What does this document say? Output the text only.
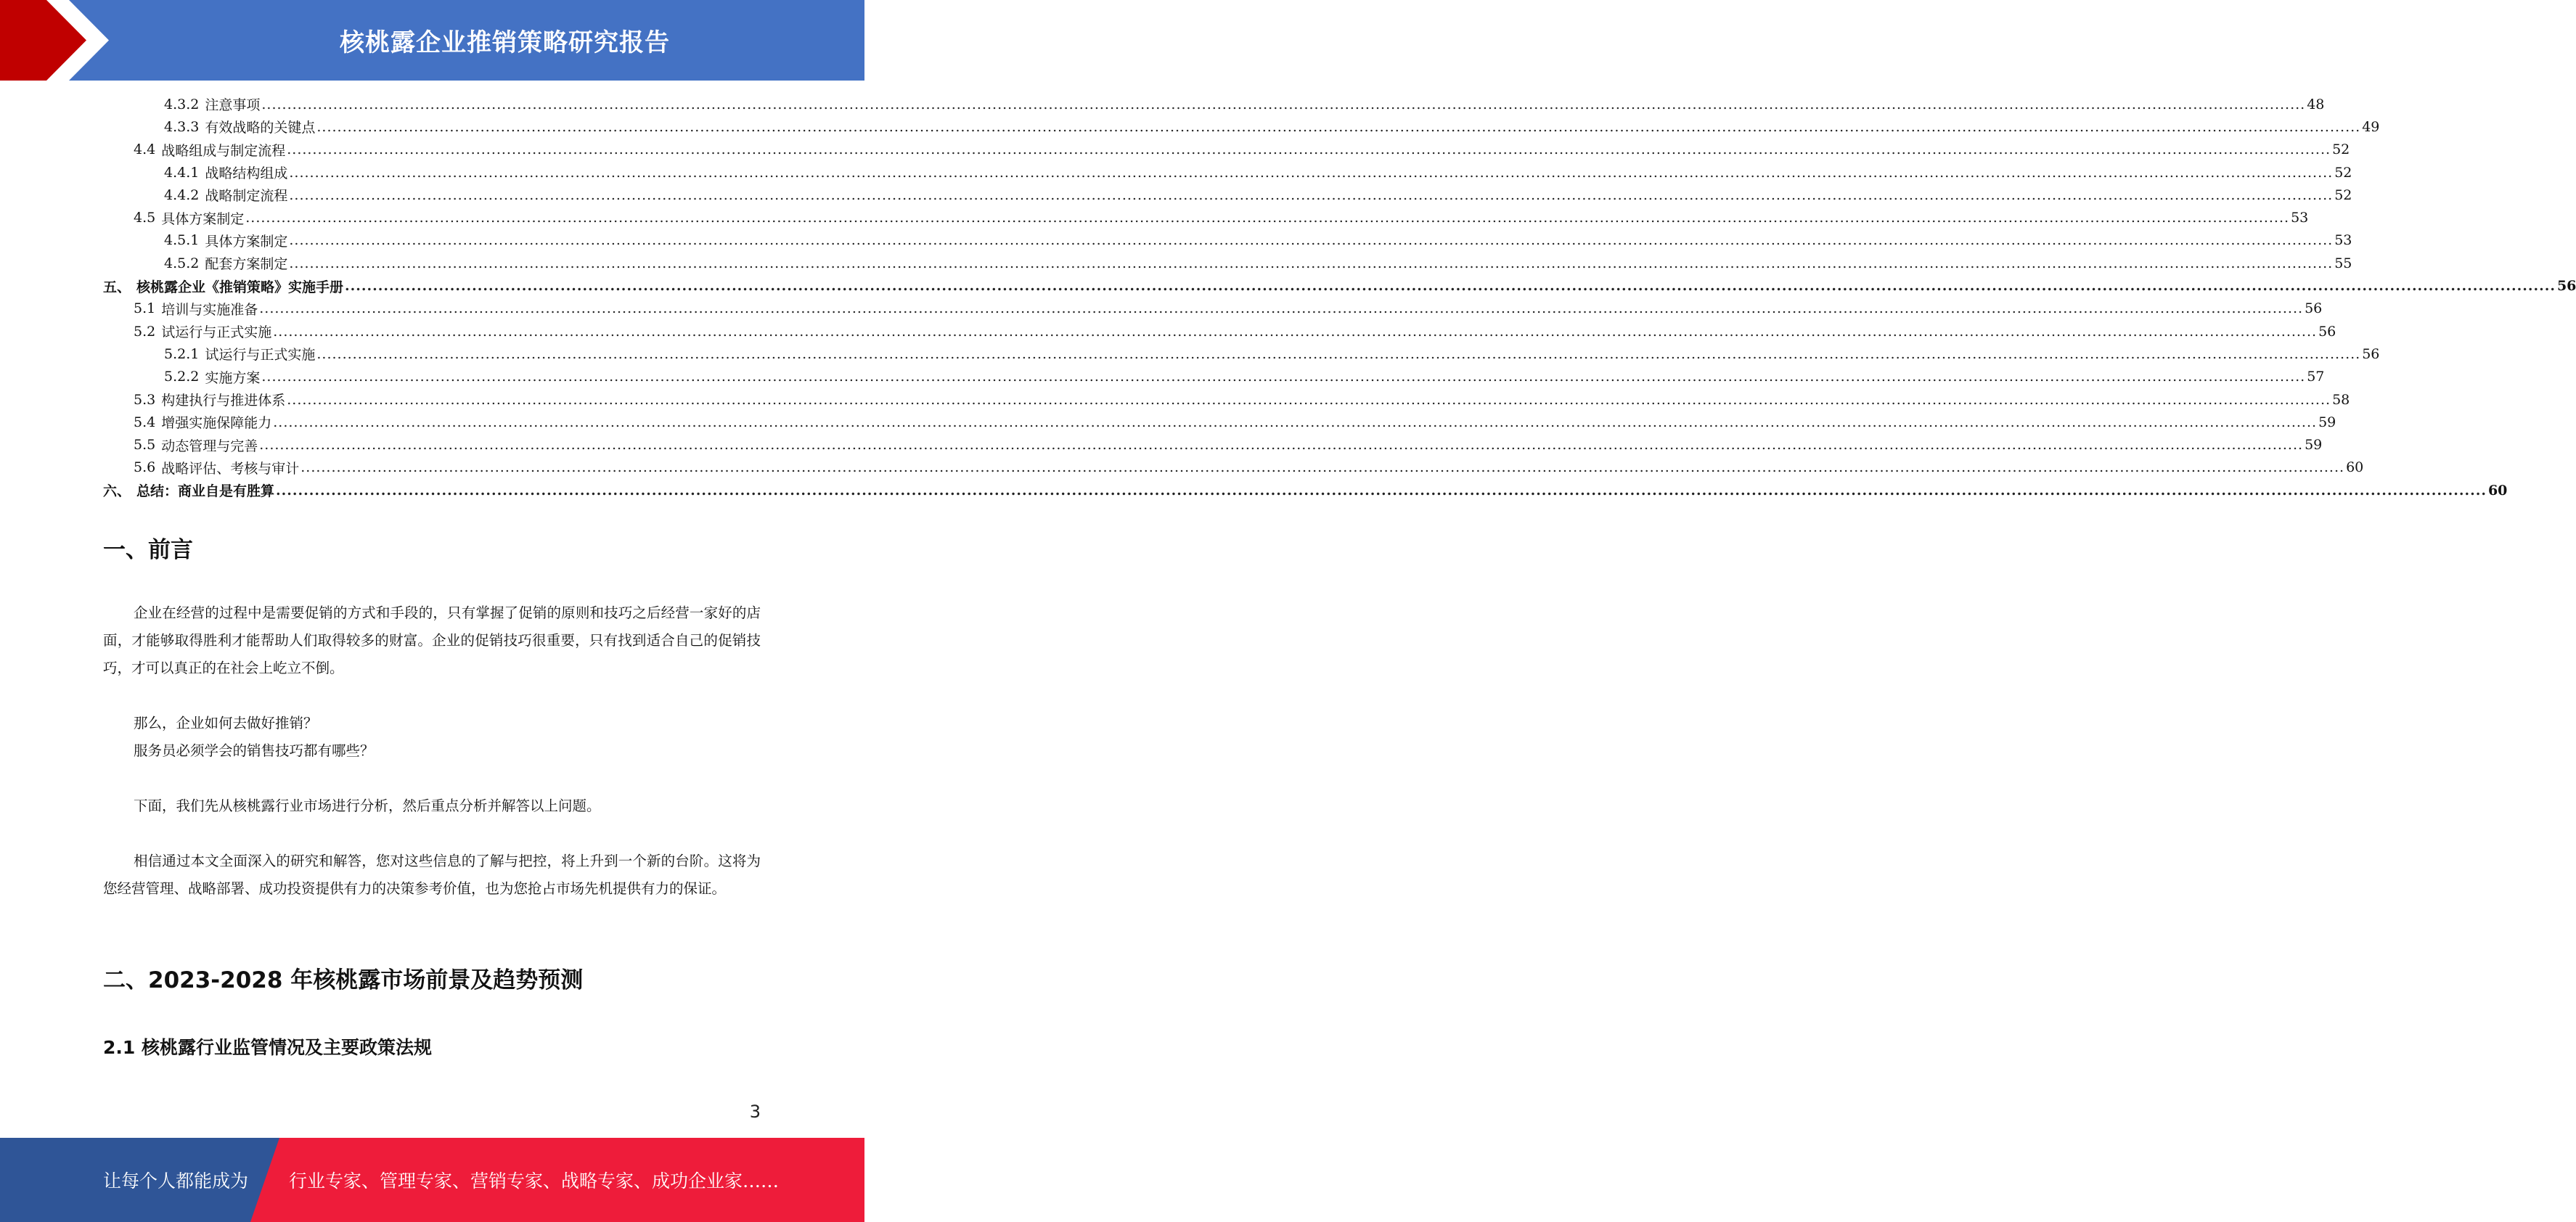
核桃露企业推销策略研究报告
4.3.2 注意事项 ................................................................................................................................................................................................................................................................................................................................................................................................................ 48
4.3.3 有效战略的关键点 ................................................................................................................................................................................................................................................................................................................................................................................................................ 49
4.4 战略组成与制定流程 ................................................................................................................................................................................................................................................................................................................................................................................................................ 52
4.4.1 战略结构组成 ................................................................................................................................................................................................................................................................................................................................................................................................................ 52
4.4.2 战略制定流程 ................................................................................................................................................................................................................................................................................................................................................................................................................ 52
4.5 具体方案制定 ................................................................................................................................................................................................................................................................................................................................................................................................................ 53
4.5.1 具体方案制定 ................................................................................................................................................................................................................................................................................................................................................................................................................ 53
4.5.2 配套方案制定 ................................................................................................................................................................................................................................................................................................................................................................................................................ 55
五、 核桃露企业《推销策略》实施手册 ................................................................................................................................................................................................................................................................................................................................................................................................................ 56
5.1 培训与实施准备 ................................................................................................................................................................................................................................................................................................................................................................................................................ 56
5.2 试运行与正式实施 ................................................................................................................................................................................................................................................................................................................................................................................................................ 56
5.2.1 试运行与正式实施 ................................................................................................................................................................................................................................................................................................................................................................................................................ 56
5.2.2 实施方案 ................................................................................................................................................................................................................................................................................................................................................................................................................ 57
5.3 构建执行与推进体系 ................................................................................................................................................................................................................................................................................................................................................................................................................ 58
5.4 增强实施保障能力 ................................................................................................................................................................................................................................................................................................................................................................................................................ 59
5.5 动态管理与完善 ................................................................................................................................................................................................................................................................................................................................................................................................................ 59
5.6 战略评估、考核与审计 ................................................................................................................................................................................................................................................................................................................................................................................................................ 60
六、 总结：商业自是有胜算 ................................................................................................................................................................................................................................................................................................................................................................................................................ 60
一、前言

企业在经营的过程中是需要促销的方式和手段的，只有掌握了促销的原则和技巧之后经营一家好的店面，才能够取得胜利才能帮助人们取得较多的财富。企业的促销技巧很重要，只有找到适合自己的促销技巧，才可以真正的在社会上屹立不倒。

那么，企业如何去做好推销？

服务员必须学会的销售技巧都有哪些？

下面，我们先从核桃露行业市场进行分析，然后重点分析并解答以上问题。

相信通过本文全面深入的研究和解答，您对这些信息的了解与把控，将上升到一个新的台阶。这将为您经营管理、战略部署、成功投资提供有力的决策参考价值，也为您抢占市场先机提供有力的保证。

二、2023-2028 年核桃露市场前景及趋势预测
2.1 核桃露行业监管情况及主要政策法规
3
让每个人都能成为 行业专家、管理专家、营销专家、战略专家、成功企业家……
